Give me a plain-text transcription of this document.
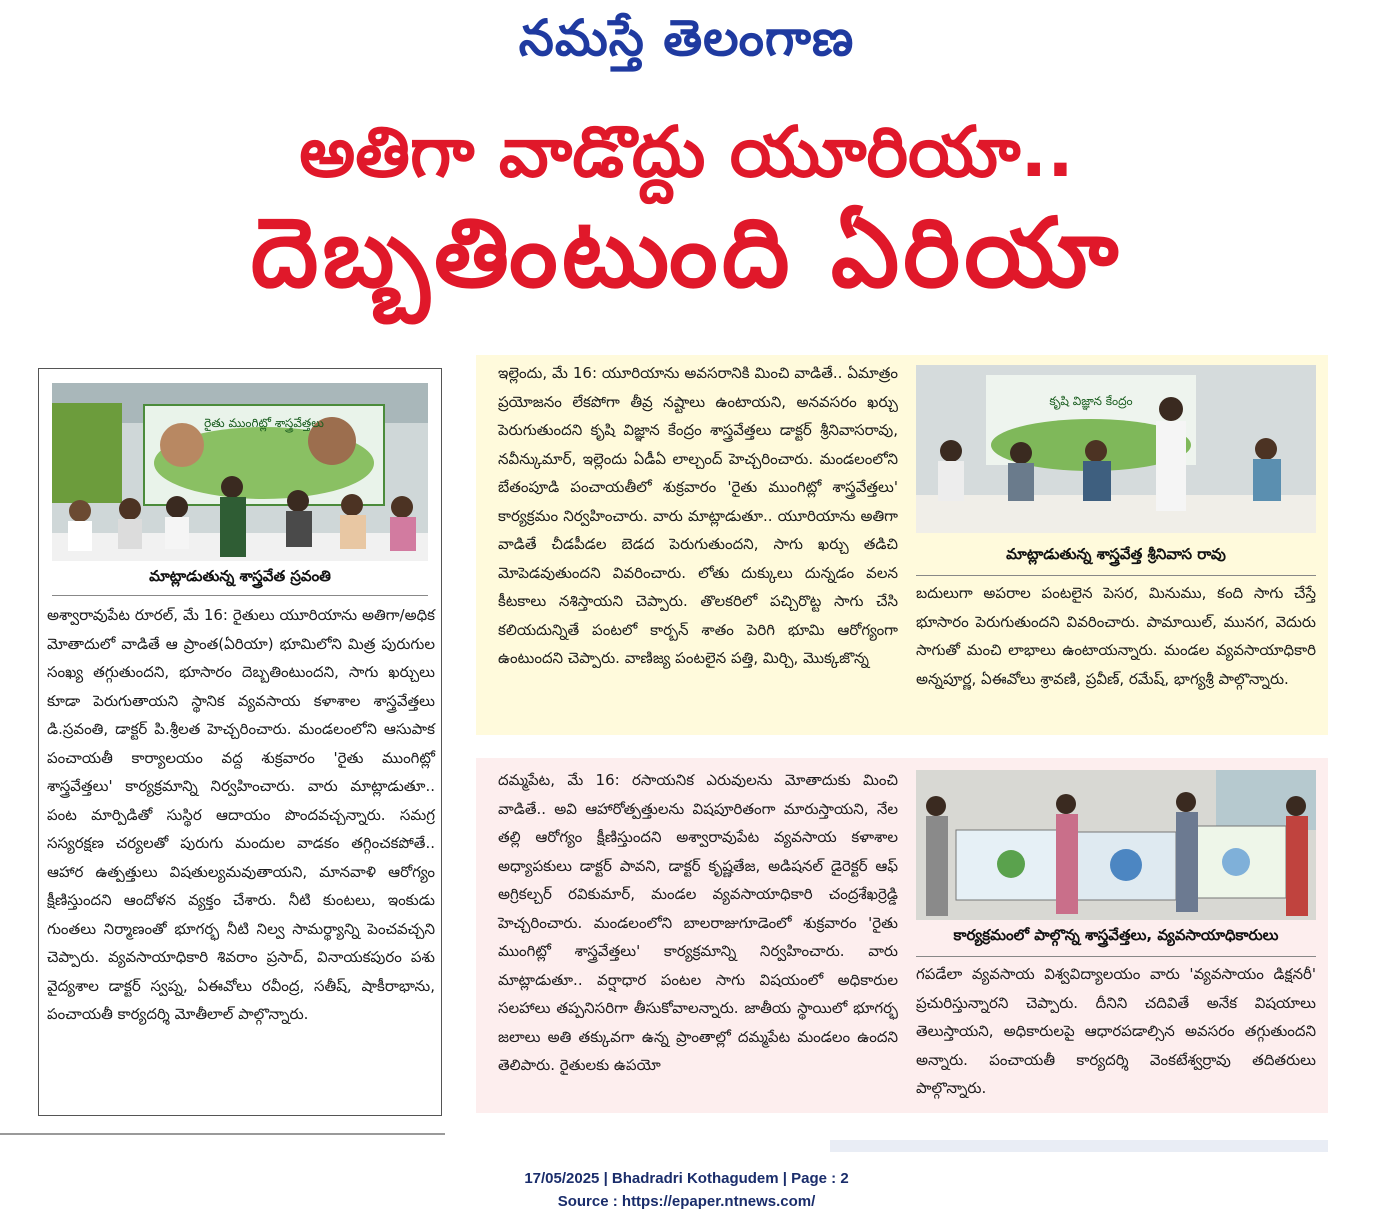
నమస్తే తెలంగాణ
అతిగా వాడొద్దు యూరియా..
దెబ్బతింటుంది ఏరియా
రైతు ముంగిట్లో శాస్త్రవేత్తలు
మాట్లాడుతున్న శాస్త్రవేత స్రవంతి
అశ్వారావుపేట రూరల్, మే 16: రైతులు యూరియాను అతిగా/అధిక మోతాదులో వాడితే ఆ ప్రాంత(ఏరియా) భూమిలోని మిత్ర పురుగుల సంఖ్య తగ్గుతుందని, భూసారం దెబ్బతింటుందని, సాగు ఖర్చులు కూడా పెరుగుతాయని స్థానిక వ్యవసాయ కళాశాల శాస్త్రవేత్తలు డి.స్రవంతి, డాక్టర్ పి.శ్రీలత హెచ్చరించారు. మండలంలోని ఆసుపాక పంచాయతీ కార్యాలయం వద్ద శుక్రవారం 'రైతు ముంగిట్లో శాస్త్రవేత్తలు' కార్యక్రమాన్ని నిర్వహించారు. వారు మాట్లాడుతూ.. పంట మార్పిడితో సుస్థిర ఆదాయం పొందవచ్చన్నారు. సమగ్ర సస్యరక్షణ చర్యలతో పురుగు మందుల వాడకం తగ్గించకపోతే.. ఆహార ఉత్పత్తులు విషతుల్యమవుతాయని, మానవాళి ఆరోగ్యం క్షీణిస్తుందని ఆందోళన వ్యక్తం చేశారు. నీటి కుంటలు, ఇంకుడు గుంతలు నిర్మాణంతో భూగర్భ నీటి నిల్వ సామర్థ్యాన్ని పెంచవచ్చని చెప్పారు. వ్యవసాయాధికారి శివరాం ప్రసాద్, వినాయకపురం పశు వైద్యశాల డాక్టర్ స్వప్న, ఏఈవోలు రవీంద్ర, సతీష్, షాకీరాభాను, పంచాయతీ కార్యదర్శి మోతీలాల్ పాల్గొన్నారు.
ఇల్లెందు, మే 16: యూరియాను అవసరానికి మించి వాడితే.. ఏమాత్రం ప్రయోజనం లేకపోగా తీవ్ర నష్టాలు ఉంటాయని, అనవసరం ఖర్చు పెరుగుతుందని కృషి విజ్ఞాన కేంద్రం శాస్త్రవేత్తలు డాక్టర్ శ్రీనివాసరావు, నవీన్కుమార్, ఇల్లెందు ఏడీఏ లాల్చంద్ హెచ్చరించారు. మండలంలోని బేతంపూడి పంచాయతీలో శుక్రవారం 'రైతు ముంగిట్లో శాస్త్రవేత్తలు' కార్యక్రమం నిర్వహించారు. వారు మాట్లాడుతూ.. యూరియాను అతిగా వాడితే చీడపీడల బెడద పెరుగుతుందని, సాగు ఖర్చు తడిచి మోపెడవుతుందని వివరించారు. లోతు దుక్కులు దున్నడం వలన కీటకాలు నశిస్తాయని చెప్పారు. తొలకరిలో పచ్చిరొట్ట సాగు చేసి కలియదున్నితే పంటలో కార్బన్ శాతం పెరిగి భూమి ఆరోగ్యంగా ఉంటుందని చెప్పారు. వాణిజ్య పంటలైన పత్తి, మిర్చి, మొక్కజొన్న
కృషి విజ్ఞాన కేంద్రం
మాట్లాడుతున్న శాస్త్రవేత్త శ్రీనివాస రావు
బదులుగా అపరాల పంటలైన పెసర, మినుము, కంది సాగు చేస్తే భూసారం పెరుగుతుందని వివరించారు. పామాయిల్, మునగ, వెదురు సాగుతో మంచి లాభాలు ఉంటాయన్నారు. మండల వ్యవసాయాధికారి అన్నపూర్ణ, ఏఈవోలు శ్రావణి, ప్రవీణ్, రమేష్, భాగ్యశ్రీ పాల్గొన్నారు.
దమ్మపేట, మే 16: రసాయనిక ఎరువులను మోతాదుకు మించి వాడితే.. అవి ఆహారోత్పత్తులను విషపూరితంగా మారుస్తాయని, నేల తల్లి ఆరోగ్యం క్షీణిస్తుందని అశ్వారావుపేట వ్యవసాయ కళాశాల అధ్యాపకులు డాక్టర్ పావని, డాక్టర్ కృష్ణతేజ, అడిషనల్ డైరెక్టర్ ఆఫ్ అగ్రికల్చర్ రవికుమార్, మండల వ్యవసాయాధికారి చంద్రశేఖర్రెడ్డి హెచ్చరించారు. మండలంలోని బాలరాజుగూడెంలో శుక్రవారం 'రైతు ముంగిట్లో శాస్త్రవేత్తలు' కార్యక్రమాన్ని నిర్వహించారు. వారు మాట్లాడుతూ.. వర్షాధార పంటల సాగు విషయంలో అధికారుల సలహాలు తప్పనిసరిగా తీసుకోవాలన్నారు. జాతీయ స్థాయిలో భూగర్భ జలాలు అతి తక్కువగా ఉన్న ప్రాంతాల్లో దమ్మపేట మండలం ఉందని తెలిపారు. రైతులకు ఉపయో
కార్యక్రమంలో పాల్గొన్న శాస్త్రవేత్తలు, వ్యవసాయాధికారులు
గపడేలా వ్యవసాయ విశ్వవిద్యాలయం వారు 'వ్యవసాయం డిక్షనరీ' ప్రచురిస్తున్నారని చెప్పారు. దీనిని చదివితే అనేక విషయాలు తెలుస్తాయని, అధికారులపై ఆధారపడాల్సిన అవసరం తగ్గుతుందని అన్నారు. పంచాయతీ కార్యదర్శి వెంకటేశ్వర్రావు తదితరులు పాల్గొన్నారు.
17/05/2025 | Bhadradri Kothagudem | Page : 2
Source : https://epaper.ntnews.com/
